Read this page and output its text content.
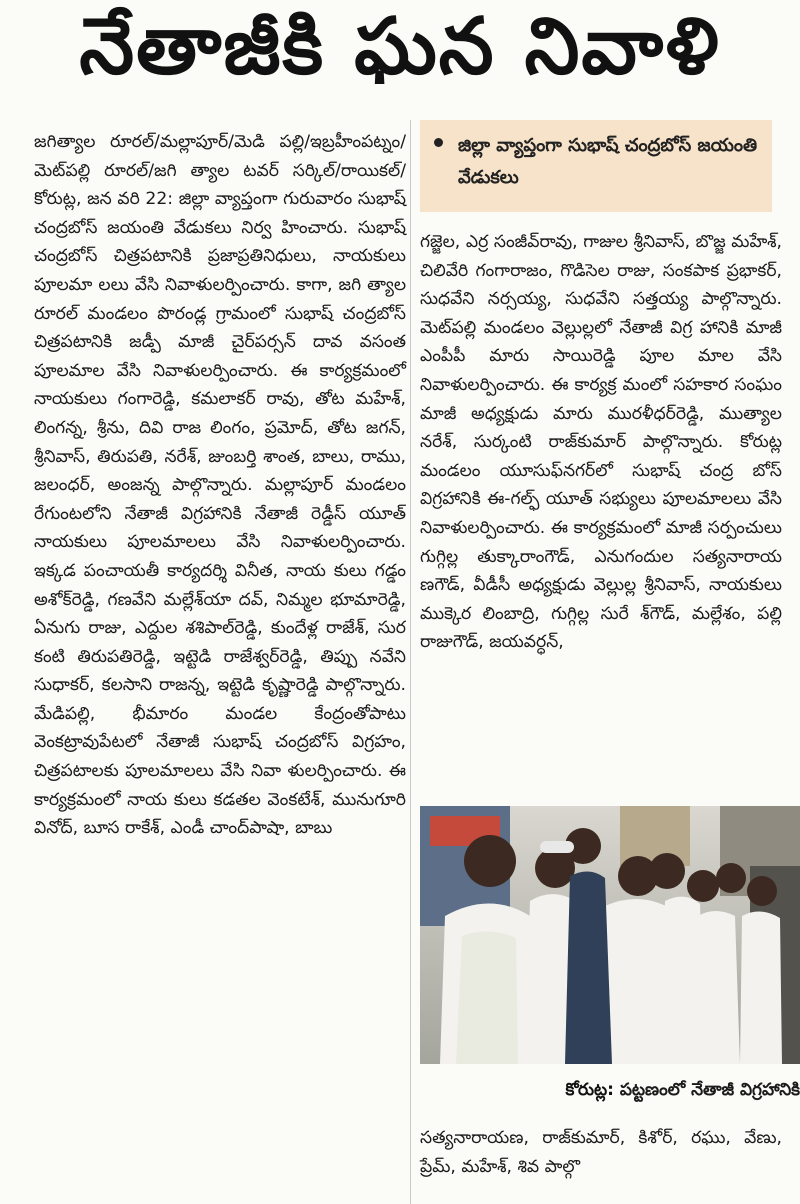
నేతాజీకి ఘన నివాళి
జగిత్యాల రూరల్/మల్లాపూర్/మెడి పల్లి/ఇబ్రహీంపట్నం/మెట్‌పల్లి రూరల్/జగి త్యాల టవర్ సర్కిల్/రాయికల్/కోరుట్ల, జన వరి 22: జిల్లా వ్యాప్తంగా గురువారం సుభాష్ చంద్రబోస్ జయంతి వేడుకలు నిర్వ హించారు. సుభాష్ చంద్రబోస్ చిత్రపటానికి ప్రజాప్రతినిధులు, నాయకులు పూలమా లలు వేసి నివాళులర్పించారు. కాగా, జగి త్యాల రూరల్ మండలం పొరండ్ల గ్రామంలో సుభాష్ చంద్రబోస్ చిత్రపటానికి జడ్పీ మాజీ చైర్‌పర్సన్ దావ వసంత పూలమాల వేసి నివాళులర్పించారు. ఈ కార్యక్రమంలో నాయకులు గంగారెడ్డి, కమలాకర్ రావు, తోట మహేశ్, లింగన్న, శ్రీను, దివి రాజ లింగం, ప్రమోద్, తోట జగన్, శ్రీనివాస్, తిరుపతి, నరేశ్, జుంబర్తి శాంత, బాలు, రాము, జలంధర్, అంజన్న పాల్గొన్నారు. మల్లాపూర్ మండలం రేగుంటలోని నేతాజీ విగ్రహానికి నేతాజీ రెడ్డీస్ యూత్ నాయకులు పూలమాలలు వేసి నివాళులర్పించారు. ఇక్కడ పంచాయతీ కార్యదర్శి వినీత, నాయ కులు గడ్డం అశోక్‌రెడ్డి, గణవేని మల్లేశ్‌యా దవ్, నిమ్మల భూమారెడ్డి, ఏనుగు రాజు, ఎద్దుల శశిపాల్‌రెడ్డి, కుందేళ్ల రాజేశ్, సుర కంటి తిరుపతిరెడ్డి, ఇట్టెడి రాజేశ్వర్‌రెడ్డి, తిప్పు నవేని సుధాకర్, కలసాని రాజన్న, ఇట్టెడి కృష్ణారెడ్డి పాల్గొన్నారు. మేడిపల్లి, భీమారం మండల కేంద్రంతోపాటు వెంకట్రావుపేటలో నేతాజీ సుభాష్ చంద్రబోస్ విగ్రహం, చిత్రపటాలకు పూలమాలలు వేసి నివా ళులర్పించారు. ఈ కార్యక్రమంలో నాయ కులు కడతల వెంకటేశ్, మునుగూరి వినోద్, బూస రాకేశ్, ఎండీ చాంద్‌పాషా, బాబు
జిల్లా వ్యాప్తంగా సుభాష్ చంద్రబోస్ జయంతి వేడుకలు
గజ్జెల, ఎర్ర సంజీవ్‌రావు, గాజుల శ్రీనివాస్, బొజ్జ మహేశ్, చిలివేరి గంగారాజం, గొడిసెల రాజు, సంకపాక ప్రభాకర్, సుధవేని నర్సయ్య, సుధవేని సత్తయ్య పాల్గొన్నారు. మెట్‌పల్లి మండలం వెల్లుల్లలో నేతాజీ విగ్ర హానికి మాజీ ఎంపీపీ మారు సాయిరెడ్డి పూల మాల వేసి నివాళులర్పించారు. ఈ కార్యక్ర మంలో సహకార సంఘం మాజీ అధ్యక్షుడు మారు మురళీధర్‌రెడ్డి, ముత్యాల నరేశ్, సుర్కంటి రాజ్‌కుమార్ పాల్గొన్నారు. కోరుట్ల మండలం యూసుఫ్‌నగర్‌లో సుభాష్ చంద్ర బోస్ విగ్రహానికి ఈ-గల్ఫ్ యూత్ సభ్యులు పూలమాలలు వేసి నివాళులర్పించారు. ఈ కార్యక్రమంలో మాజీ సర్పంచులు గుగ్గిల్ల తుక్కారాంగౌడ్, ఎనుగందుల సత్యనారాయ ణగౌడ్, వీడీసీ అధ్యక్షుడు వెల్లుల్ల శ్రీనివాస్, నాయకులు ముక్కెర లింబాద్రి, గుగ్గిల్ల సురే శ్‌గౌడ్, మల్లేశం, పల్లి రాజుగౌడ్, జయవర్ధన్,
కోరుట్ల: పట్టణంలో నేతాజీ విగ్రహానికి
సత్యనారాయణ, రాజ్‌కుమార్, కిశోర్, రఘు, వేణు, ప్రేమ్, మహేశ్, శివ పాల్గొ
